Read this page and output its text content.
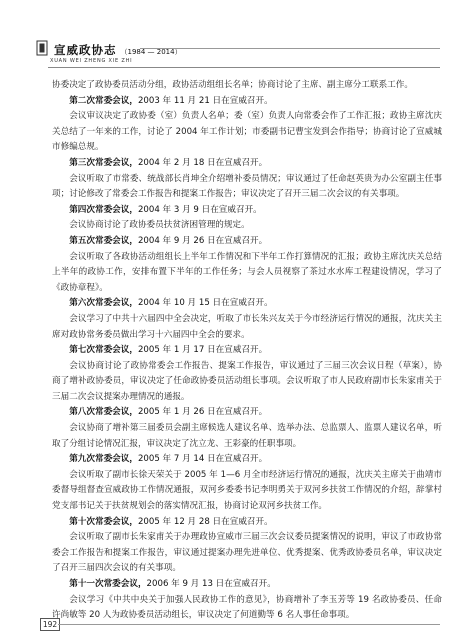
宣威政协志 （1984 — 2014）
XUAN WEI ZHENG XIE ZHI

协委决定了政协委员活动分组，政协活动组组长名单；协商讨论了主席、副主席分工联系工作。

第二次常委会议，2003 年 11 月 21 日在宣威召开。

会议审议决定了政协委（室）负责人名单；委（室）负责人向常委会作了工作汇报；政协主席沈庆关总结了一年来的工作，讨论了 2004 年工作计划；市委副书记曹宝发到会作指导；协商讨论了宣威城市修编总规。

第三次常委会议，2004 年 2 月 18 日在宣威召开。

会议听取了市常委、统战部长肖坤全介绍增补委员情况；审议通过了任命赵英贵为办公室副主任事项；讨论修改了常委会工作报告和提案工作报告；审议决定了召开三届二次会议的有关事项。

第四次常委会议，2004 年 3 月 9 日在宣威召开。

会议协商讨论了政协委员扶贫济困管理的规定。

第五次常委会议，2004 年 9 月 26 日在宣威召开。

会议听取了各政协活动组组长上半年工作情况和下半年工作打算情况的汇报；政协主席沈庆关总结上半年的政协工作，安排布置下半年的工作任务；与会人员视察了茶过水水库工程建设情况，学习了《政协章程》。

第六次常委会议，2004 年 10 月 15 日在宣威召开。

会议学习了中共十六届四中全会决定，听取了市长朱兴友关于今市经济运行情况的通报，沈庆关主席对政协常务委员做出学习十六届四中全会的要求。

第七次常委会议，2005 年 1 月 17 日在宣威召开。

会议协商讨论了政协常委会工作报告、提案工作报告，审议通过了三届三次会议日程（草案），协商了增补政协委员，审议决定了任命政协委员活动组长事项。会议听取了市人民政府副市长朱家甫关于三届二次会议提案办理情况的通报。

第八次常委会议，2005 年 1 月 26 日在宣威召开。

会议协商了增补第三届委员会副主席候选人建议名单、选举办法、总监票人、监票人建议名单，听取了分组讨论情况汇报，审议决定了沈立龙、王彩豪的任职事项。

第九次常委会议，2005 年 7 月 14 日在宣威召开。

会议听取了副市长徐天荣关于 2005 年 1—6 月全市经济运行情况的通报，沈庆关主席关于曲靖市委督导组督查宣威政协工作情况通报，双河乡委委书记李明勇关于双河乡扶贫工作情况的介绍，辞掌村党支部书记关于扶贫规划会的落实情况汇报，协商讨论双河乡扶贫工作。

第十次常委会议，2005 年 12 月 28 日在宣威召开。

会议听取了副市长朱家甫关于办理政协宣威市三届三次会议委员提案情况的说明，审议了市政协常委会工作报告和提案工作报告，审议通过提案办理先进单位、优秀提案、优秀政协委员名单，审议决定了召开三届四次会议的有关事项。

第十一次常委会议，2006 年 9 月 13 日在宣威召开。

会议学习《中共中央关于加强人民政协工作的意见》，协商增补了李玉芳等 19 名政协委员、任命许尚敏等 20 人为政协委员活动组长，审议决定了何道勤等 6 名人事任命事项。

192
